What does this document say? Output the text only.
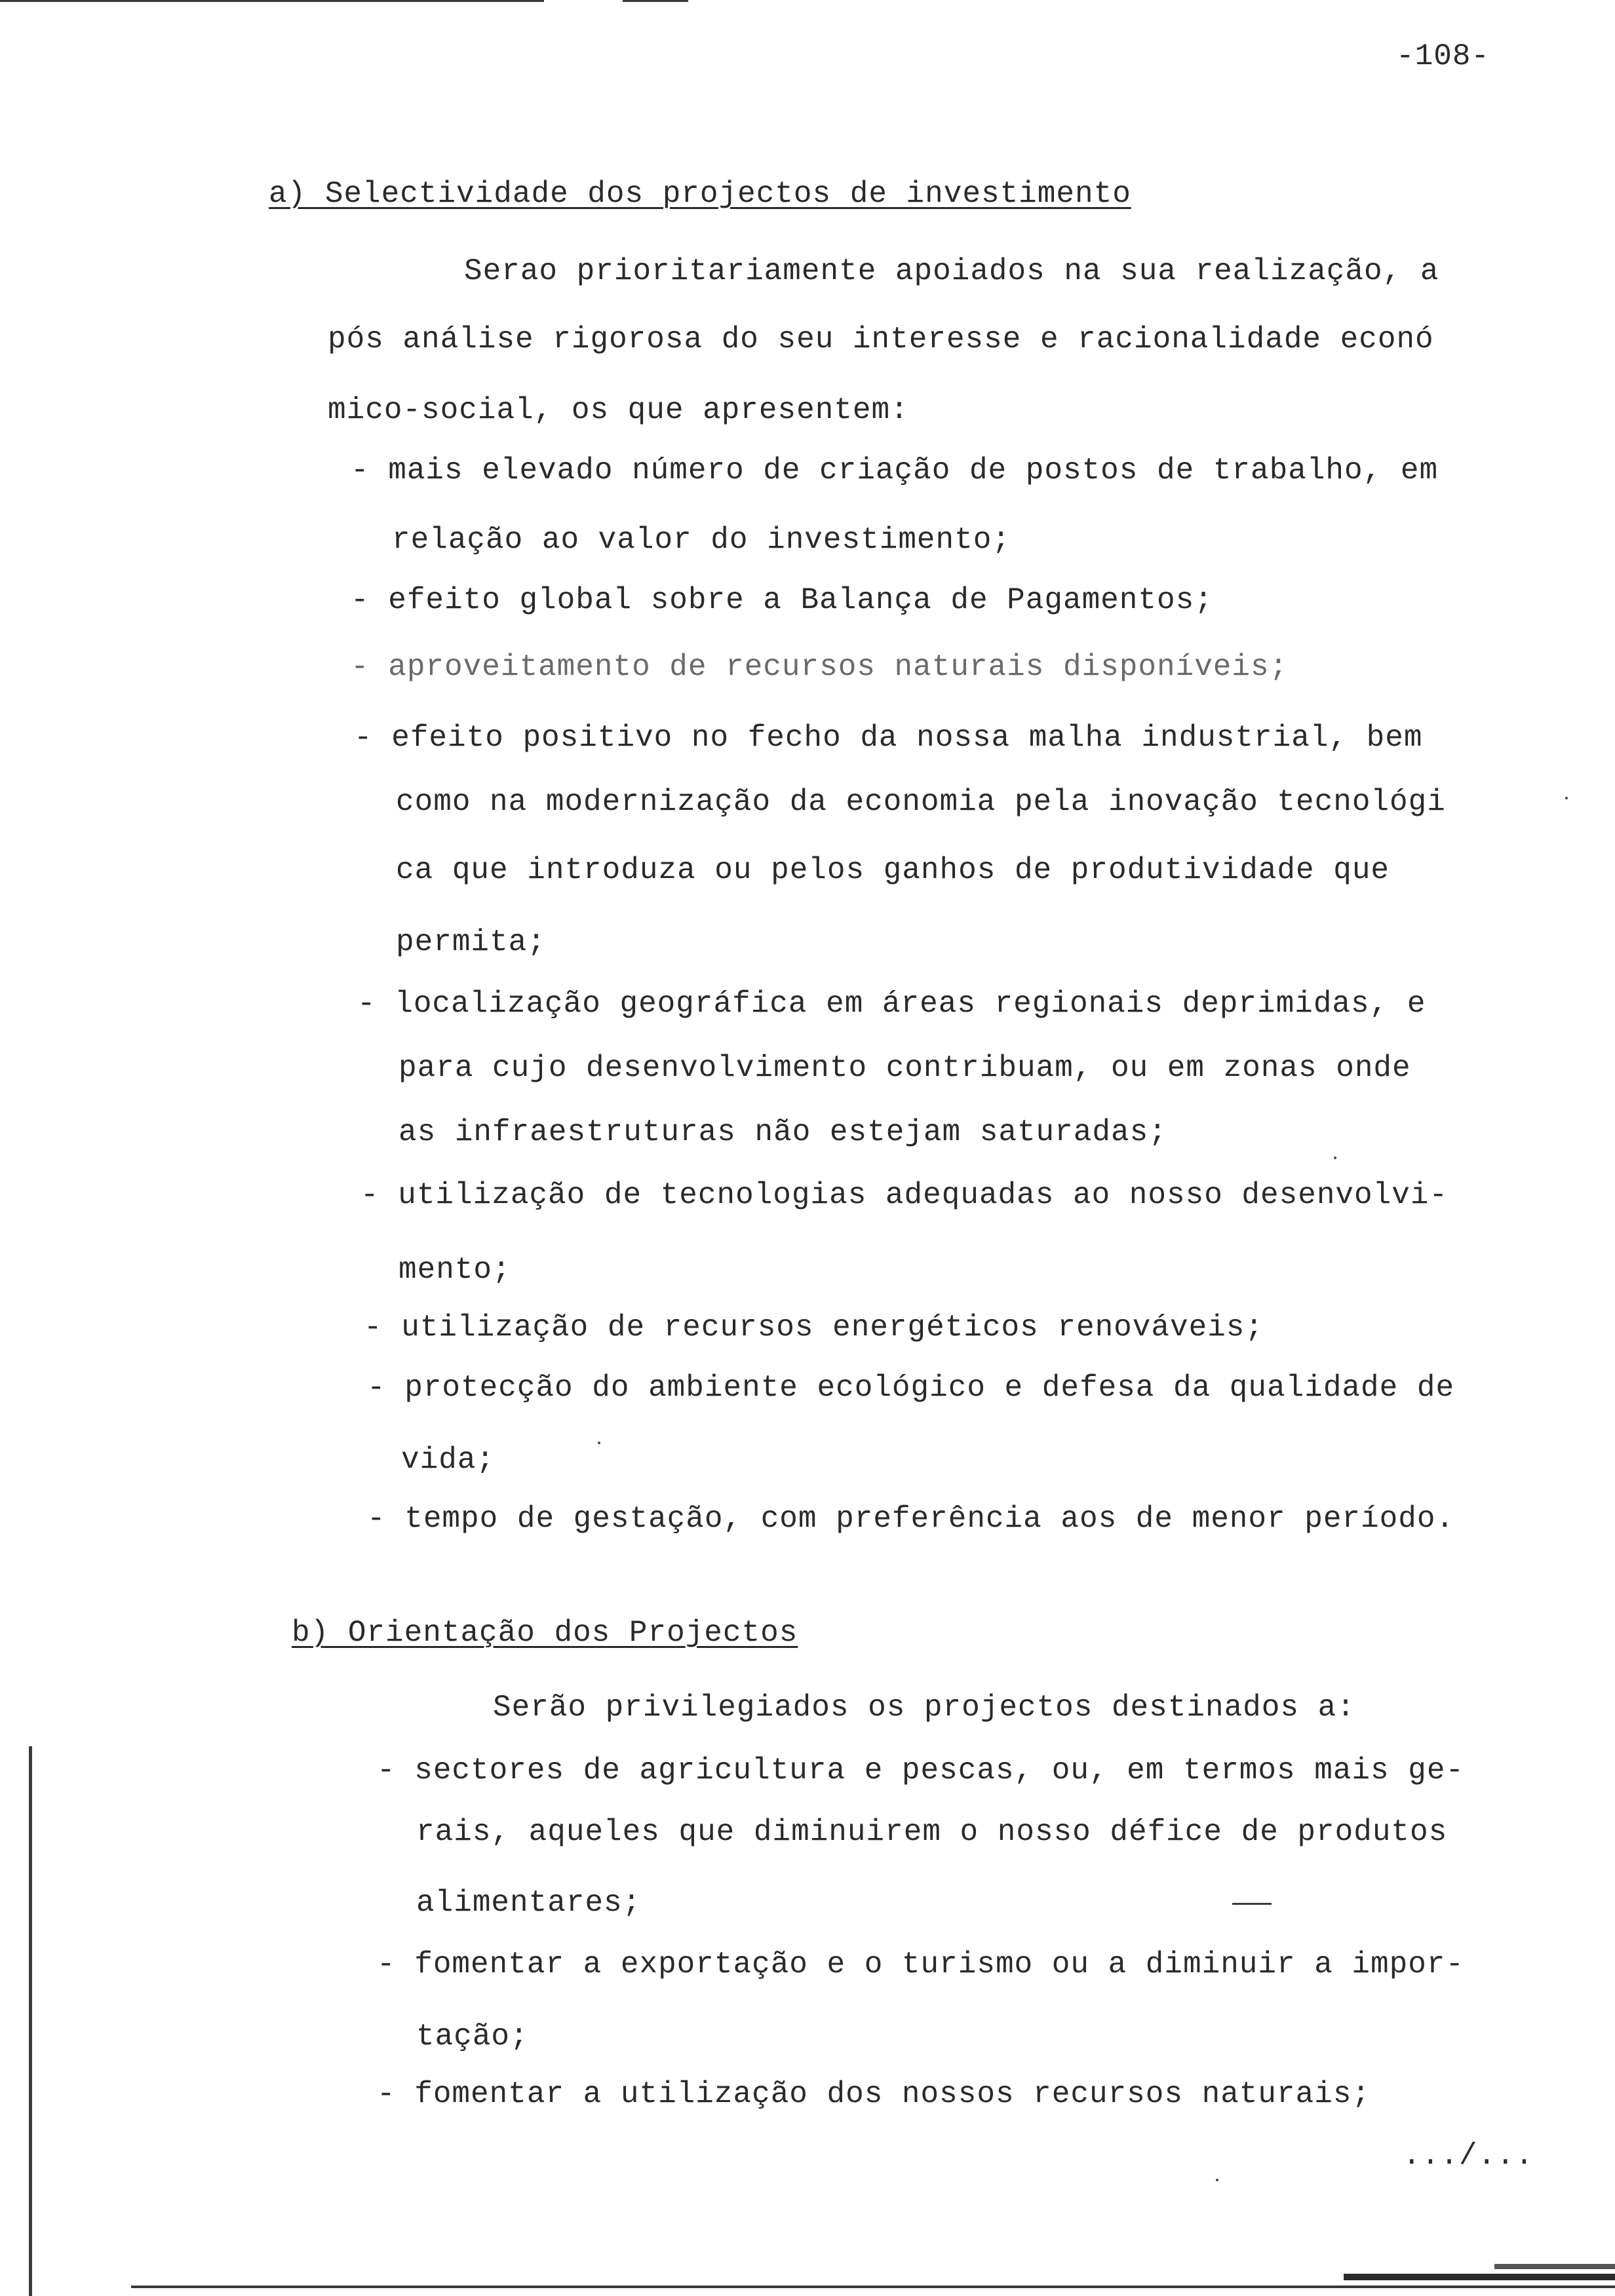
-108-
a) Selectividade dos projectos de investimento
Serao prioritariamente apoiados na sua realização, a
pós análise rigorosa do seu interesse e racionalidade econó
mico-social, os que apresentem:
- mais elevado número de criação de postos de trabalho, em
relação ao valor do investimento;
- efeito global sobre a Balança de Pagamentos;
- aproveitamento de recursos naturais disponíveis;
- efeito positivo no fecho da nossa malha industrial, bem
como na modernização da economia pela inovação tecnológi
ca que introduza ou pelos ganhos de produtividade que
permita;
- localização geográfica em áreas regionais deprimidas, e
para cujo desenvolvimento contribuam, ou em zonas onde
as infraestruturas não estejam saturadas;
- utilização de tecnologias adequadas ao nosso desenvolvi-
mento;
- utilização de recursos energéticos renováveis;
- protecção do ambiente ecológico e defesa da qualidade de
vida;
- tempo de gestação, com preferência aos de menor período.
b) Orientação dos Projectos
Serão privilegiados os projectos destinados a:
- sectores de agricultura e pescas, ou, em termos mais ge-
rais, aqueles que diminuirem o nosso défice de produtos
alimentares;
- fomentar a exportação e o turismo ou a diminuir a impor-
tação;
- fomentar a utilização dos nossos recursos naturais;
.../...
